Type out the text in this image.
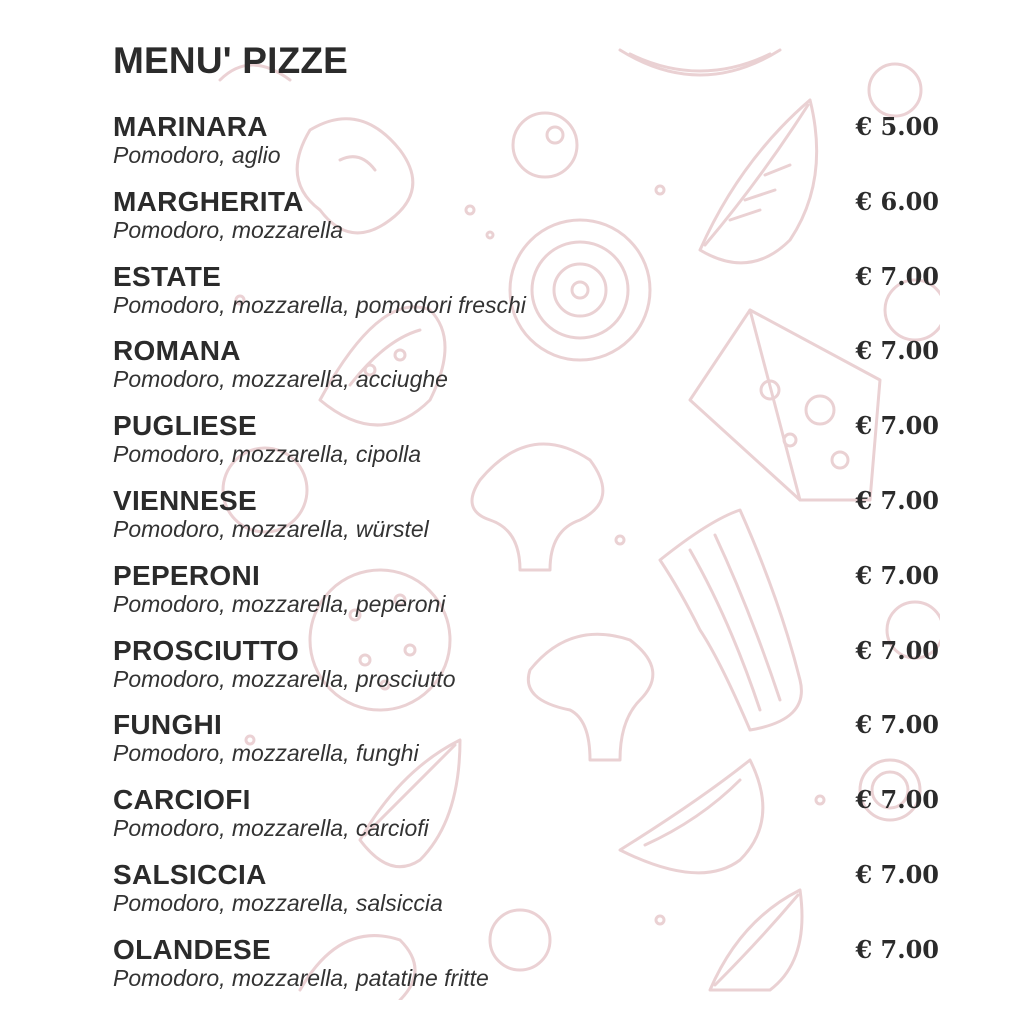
MENU' PIZZE
MARINARA
Pomodoro, aglio
€ 5.00
MARGHERITA
Pomodoro, mozzarella
€ 6.00
ESTATE
Pomodoro, mozzarella, pomodori freschi
€ 7.00
ROMANA
Pomodoro, mozzarella, acciughe
€ 7.00
PUGLIESE
Pomodoro, mozzarella, cipolla
€ 7.00
VIENNESE
Pomodoro, mozzarella, würstel
€ 7.00
PEPERONI
Pomodoro, mozzarella, peperoni
€ 7.00
PROSCIUTTO
Pomodoro, mozzarella, prosciutto
€ 7.00
FUNGHI
Pomodoro, mozzarella, funghi
€ 7.00
CARCIOFI
Pomodoro, mozzarella, carciofi
€ 7.00
SALSICCIA
Pomodoro, mozzarella, salsiccia
€ 7.00
OLANDESE
Pomodoro, mozzarella, patatine fritte
€ 7.00
